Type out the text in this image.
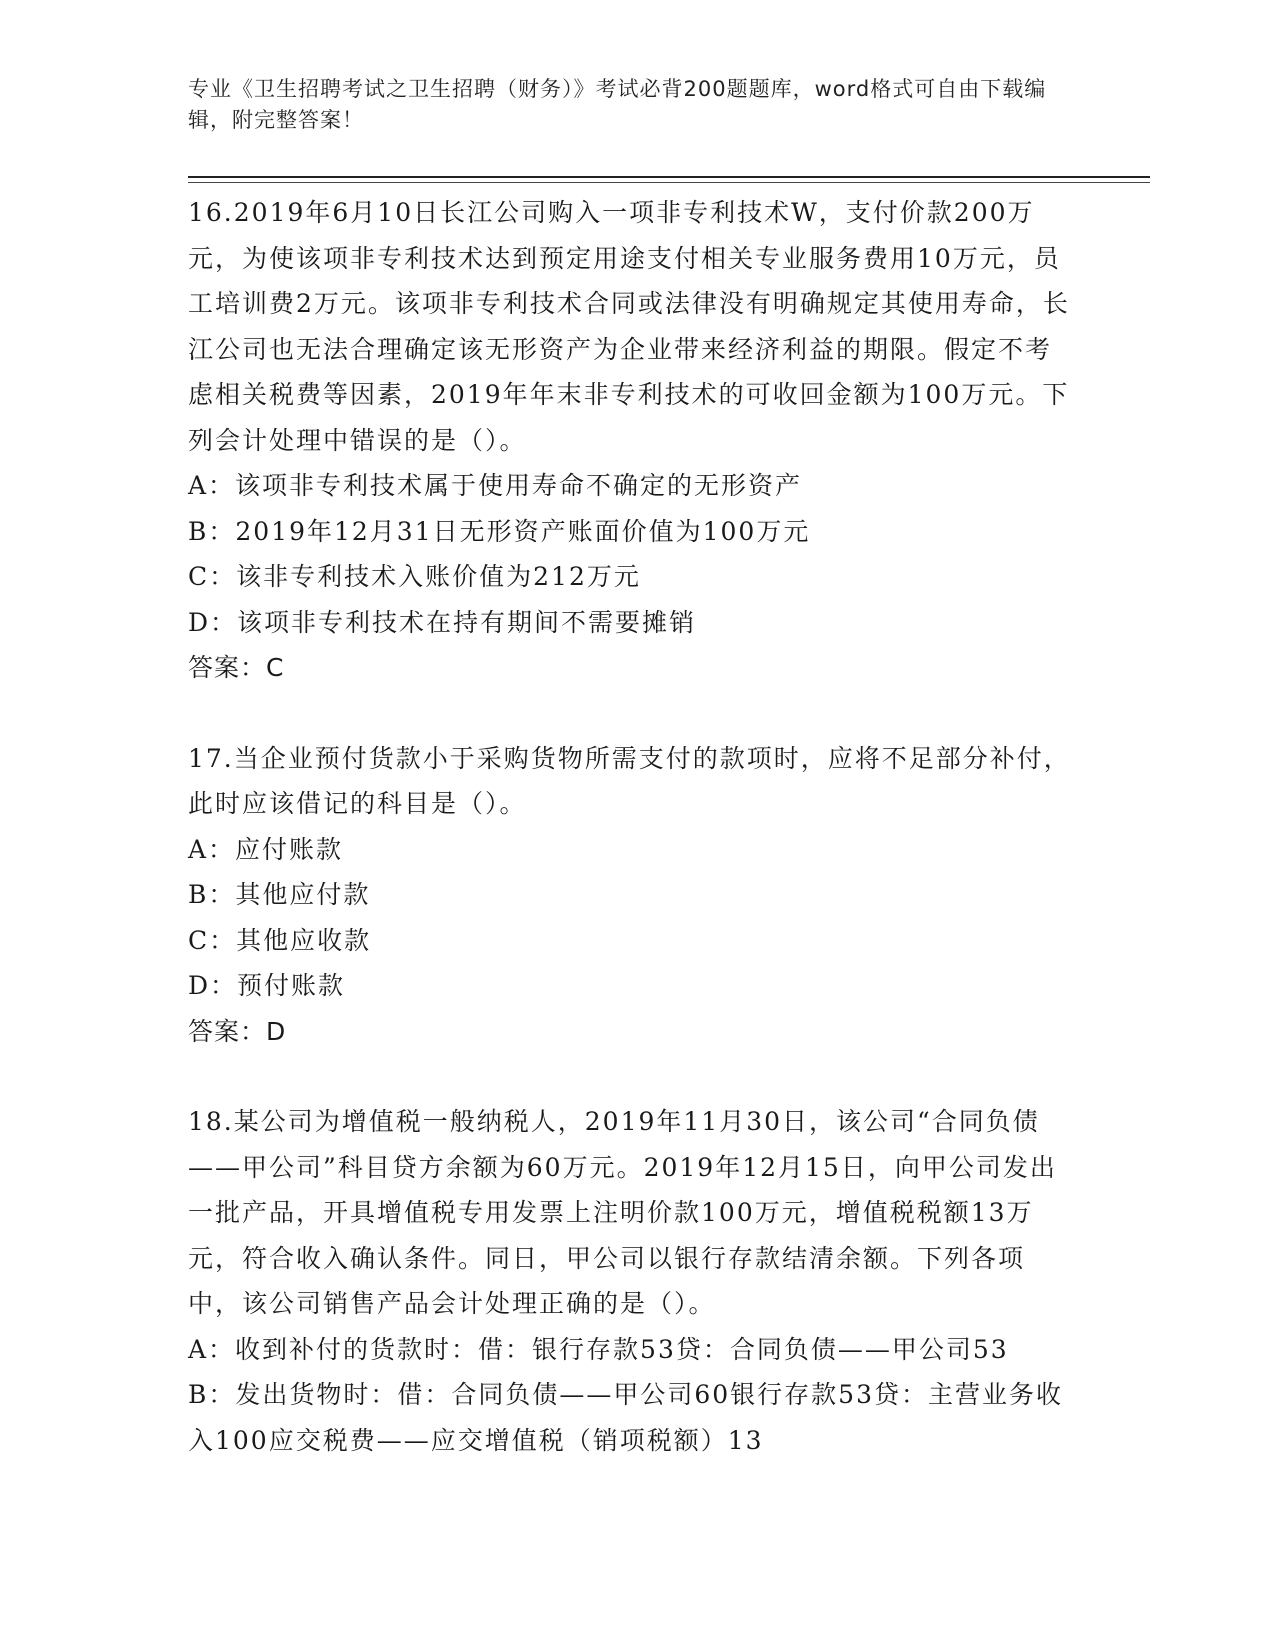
专业《卫生招聘考试之卫生招聘（财务）》考试必背200题题库，word格式可自由下载编辑，附完整答案！
16.2019年6月10日长江公司购入一项非专利技术W，支付价款200万元，为使该项非专利技术达到预定用途支付相关专业服务费用10万元，员工培训费2万元。该项非专利技术合同或法律没有明确规定其使用寿命，长江公司也无法合理确定该无形资产为企业带来经济利益的期限。假定不考虑相关税费等因素，2019年年末非专利技术的可收回金额为100万元。下列会计处理中错误的是（）。
A：该项非专利技术属于使用寿命不确定的无形资产
B：2019年12月31日无形资产账面价值为100万元
C：该非专利技术入账价值为212万元
D：该项非专利技术在持有期间不需要摊销
答案：C
17.当企业预付货款小于采购货物所需支付的款项时，应将不足部分补付，此时应该借记的科目是（）。
A：应付账款
B：其他应付款
C：其他应收款
D：预付账款
答案：D
18.某公司为增值税一般纳税人，2019年11月30日，该公司“合同负债——甲公司”科目贷方余额为60万元。2019年12月15日，向甲公司发出一批产品，开具增值税专用发票上注明价款100万元，增值税税额13万元，符合收入确认条件。同日，甲公司以银行存款结清余额。下列各项中，该公司销售产品会计处理正确的是（）。
A：收到补付的货款时：借：银行存款53贷：合同负债——甲公司53
B：发出货物时：借：合同负债——甲公司60银行存款53贷：主营业务收入100应交税费——应交增值税（销项税额）13
